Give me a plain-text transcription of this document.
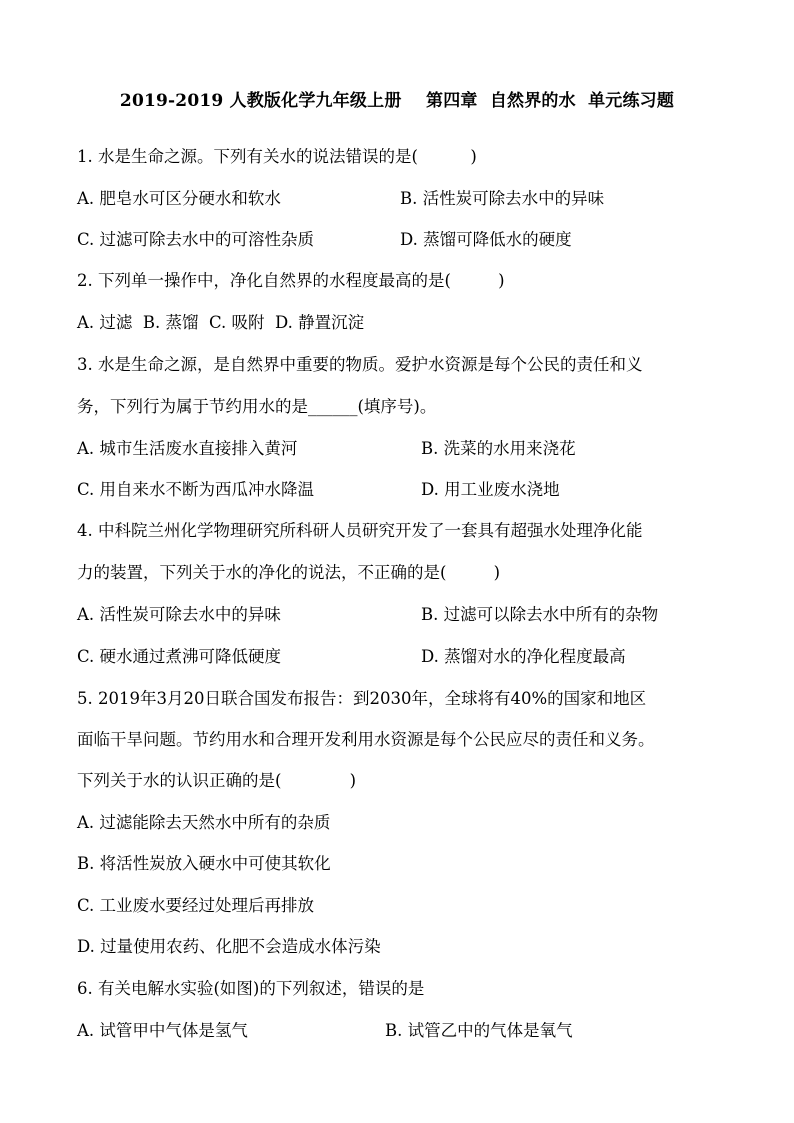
2019-2019 人教版化学九年级上册    第四章  自然界的水  单元练习题
1. 水是生命之源。下列有关水的说法错误的是(          )
A. 肥皂水可区分硬水和软水	B. 活性炭可除去水中的异味
C. 过滤可除去水中的可溶性杂质	D. 蒸馏可降低水的硬度
2. 下列单一操作中，净化自然界的水程度最高的是(         )
A. 过滤  B. 蒸馏  C. 吸附  D. 静置沉淀
3. 水是生命之源，是自然界中重要的物质。爱护水资源是每个公民的责任和义
务，下列行为属于节约用水的是______(填序号)。
A. 城市生活废水直接排入黄河	B. 洗菜的水用来浇花
C. 用自来水不断为西瓜冲水降温	D. 用工业废水浇地
4. 中科院兰州化学物理研究所科研人员研究开发了一套具有超强水处理净化能
力的装置，下列关于水的净化的说法，不正确的是(         )
A. 活性炭可除去水中的异味	B. 过滤可以除去水中所有的杂物
C. 硬水通过煮沸可降低硬度	D. 蒸馏对水的净化程度最高
5. 2019年3月20日联合国发布报告：到2030年，全球将有40%的国家和地区
面临干旱问题。节约用水和合理开发利用水资源是每个公民应尽的责任和义务。
下列关于水的认识正确的是(             )
A. 过滤能除去天然水中所有的杂质
B. 将活性炭放入硬水中可使其软化
C. 工业废水要经过处理后再排放
D. 过量使用农药、化肥不会造成水体污染
6. 有关电解水实验(如图)的下列叙述，错误的是
A. 试管甲中气体是氢气	B. 试管乙中的气体是氧气
